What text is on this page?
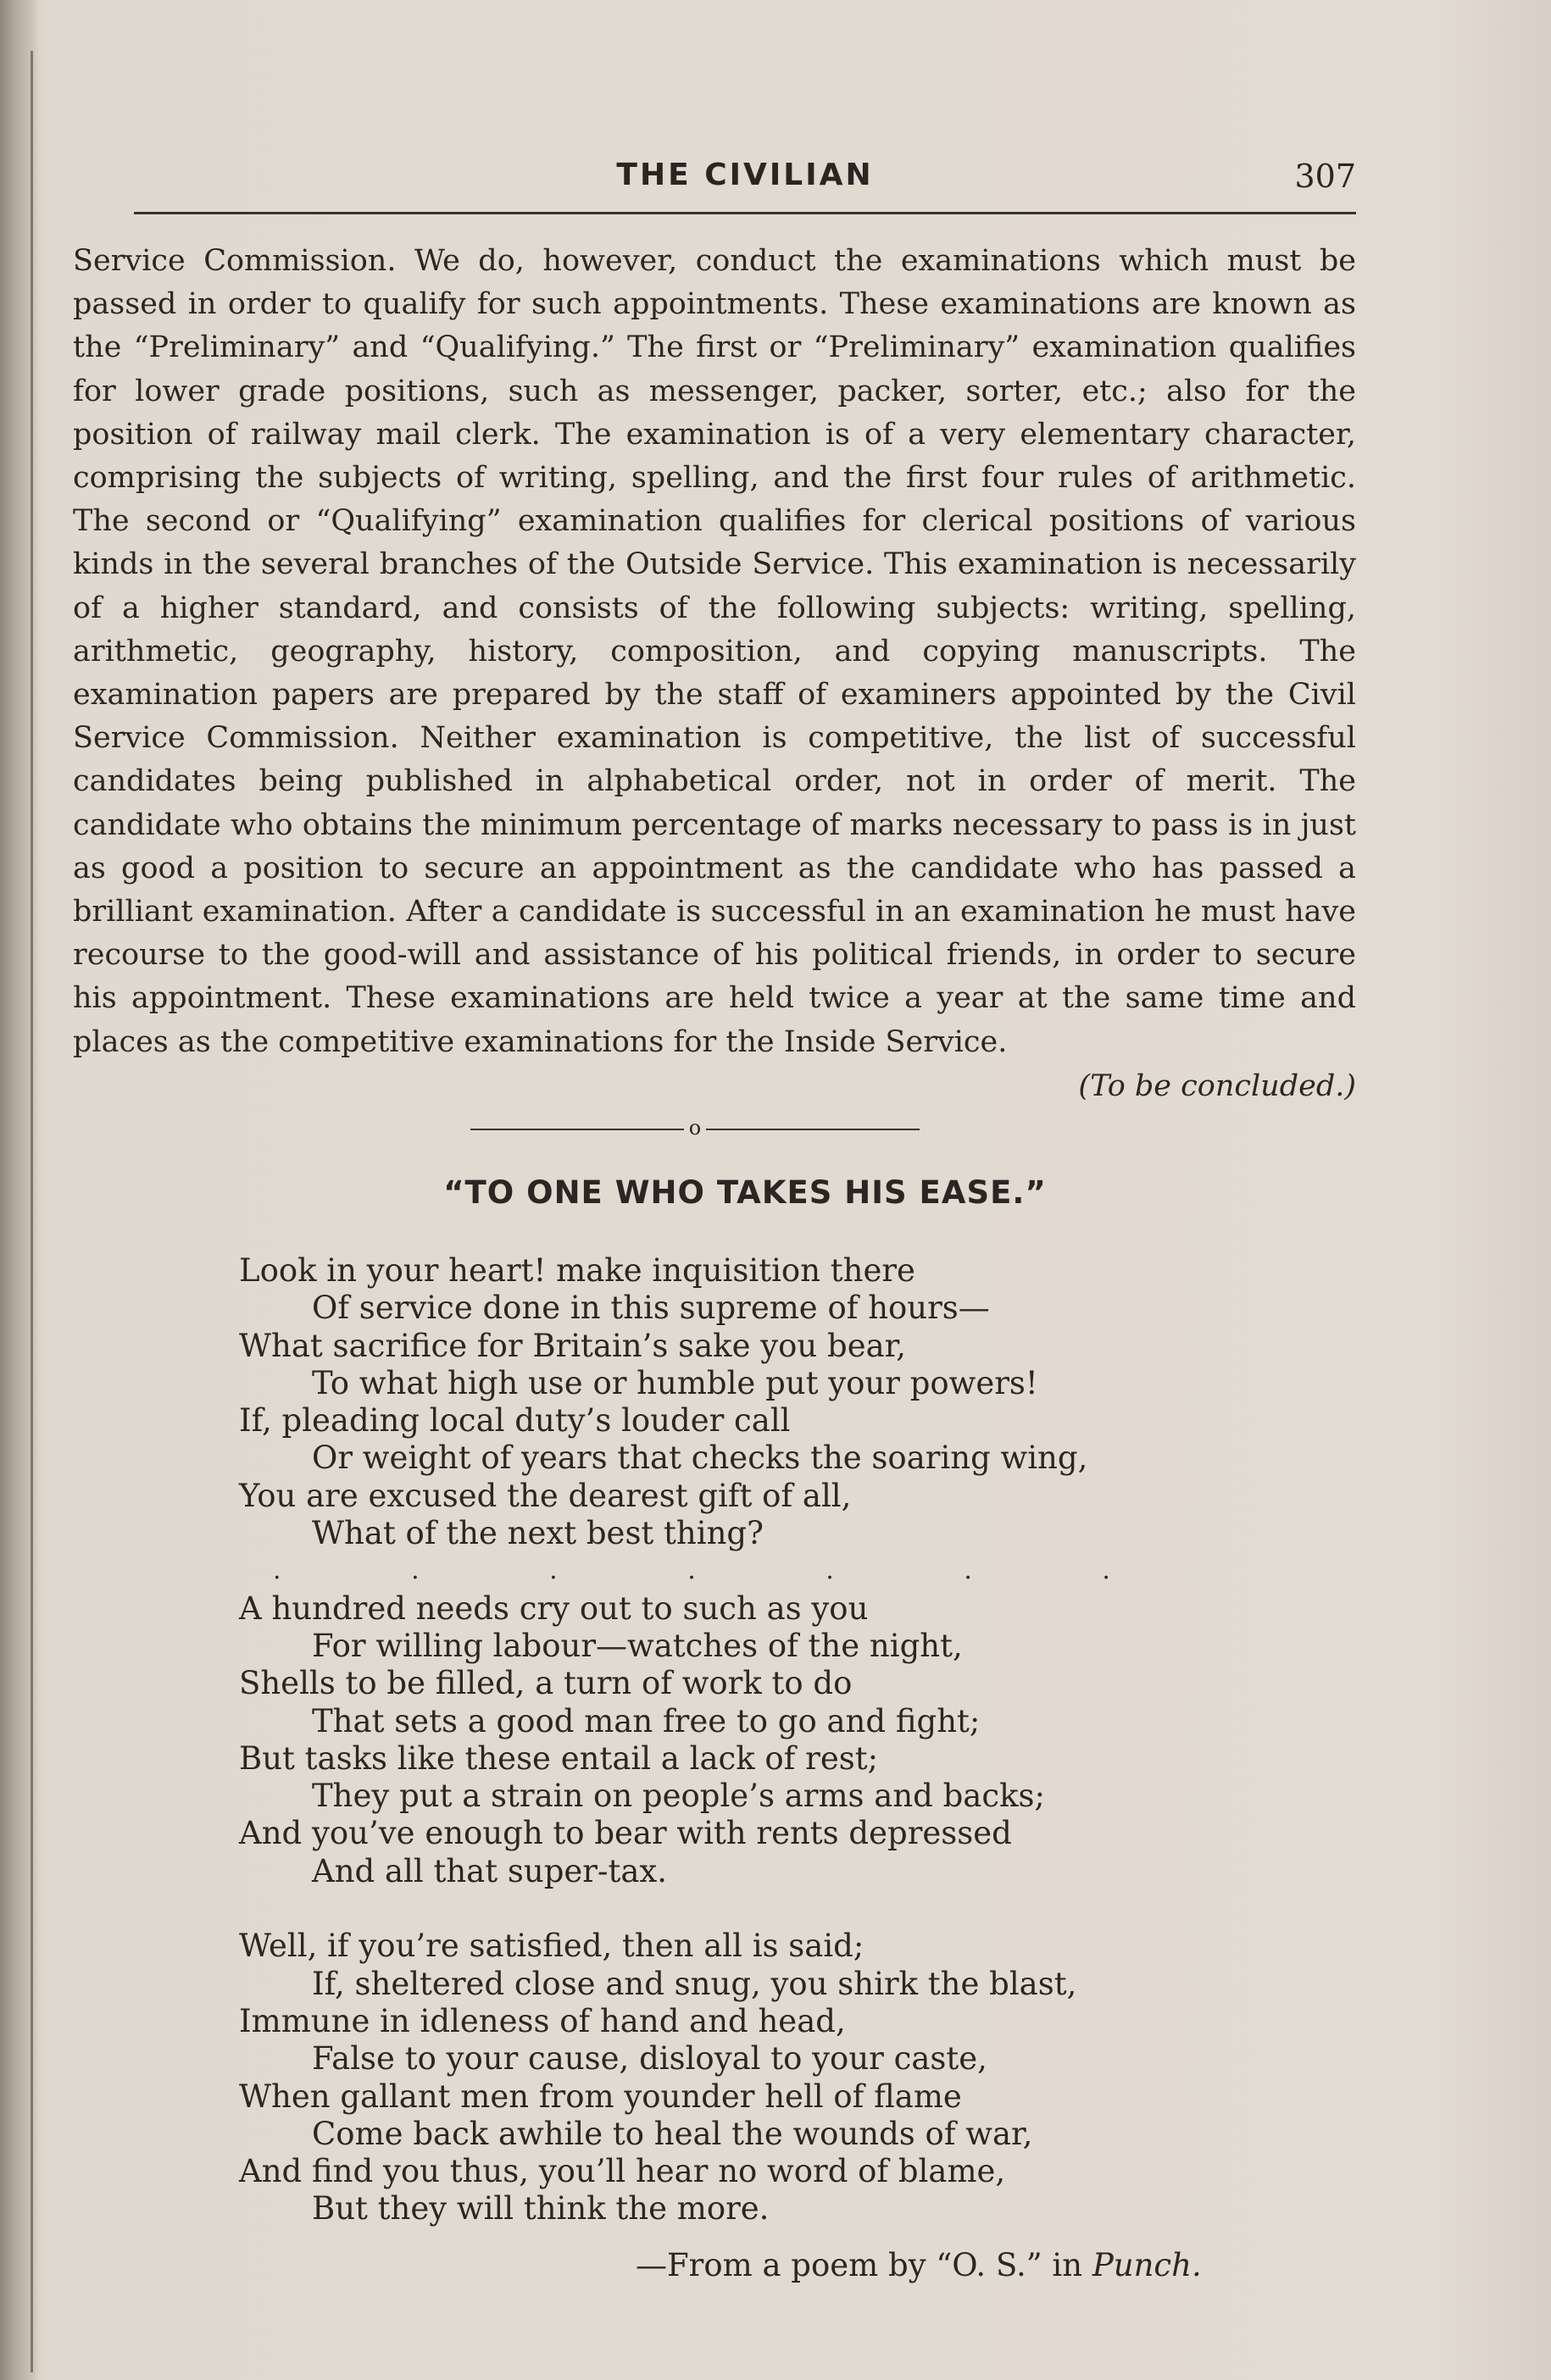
THE CIVILIAN	307

Service Commission. We do, however, conduct the examinations which must be passed in order to qualify for such appointments. These examinations are known as the “Preliminary” and “Qualifying.” The first or “Preliminary” examination qualifies for lower grade positions, such as messenger, packer, sorter, etc.; also for the position of railway mail clerk. The examination is of a very elementary character, comprising the subjects of writing, spelling, and the first four rules of arithmetic. The second or “Qualifying” examination qualifies for clerical positions of various kinds in the several branches of the Outside Service. This examination is necessarily of a higher standard, and consists of the following subjects: writing, spelling, arithmetic, geography, history, composition, and copying manuscripts. The examination papers are prepared by the staff of examiners appointed by the Civil Service Commission. Neither examination is competitive, the list of successful candidates being published in alphabetical order, not in order of merit. The candidate who obtains the minimum percentage of marks necessary to pass is in just as good a position to secure an appointment as the candidate who has passed a brilliant examination. After a candidate is successful in an examination he must have recourse to the good-will and assistance of his political friends, in order to secure his appointment. These examinations are held twice a year at the same time and places as the competitive examinations for the Inside Service.

(To be concluded.)
o
“TO ONE WHO TAKES HIS EASE.”
Look in your heart! make inquisition there
Of service done in this supreme of hours—
What sacrifice for Britain’s sake you bear,
To what high use or humble put your powers!
If, pleading local duty’s louder call
Or weight of years that checks the soaring wing,
You are excused the dearest gift of all,
What of the next best thing?
. . . . . . .
A hundred needs cry out to such as you
For willing labour—watches of the night,
Shells to be filled, a turn of work to do
That sets a good man free to go and fight;
But tasks like these entail a lack of rest;
They put a strain on people’s arms and backs;
And you’ve enough to bear with rents depressed
And all that super-tax.
Well, if you’re satisfied, then all is said;
If, sheltered close and snug, you shirk the blast,
Immune in idleness of hand and head,
False to your cause, disloyal to your caste,
When gallant men from younder hell of flame
Come back awhile to heal the wounds of war,
And find you thus, you’ll hear no word of blame,
But they will think the more.
—From a poem by “O. S.” in Punch.
